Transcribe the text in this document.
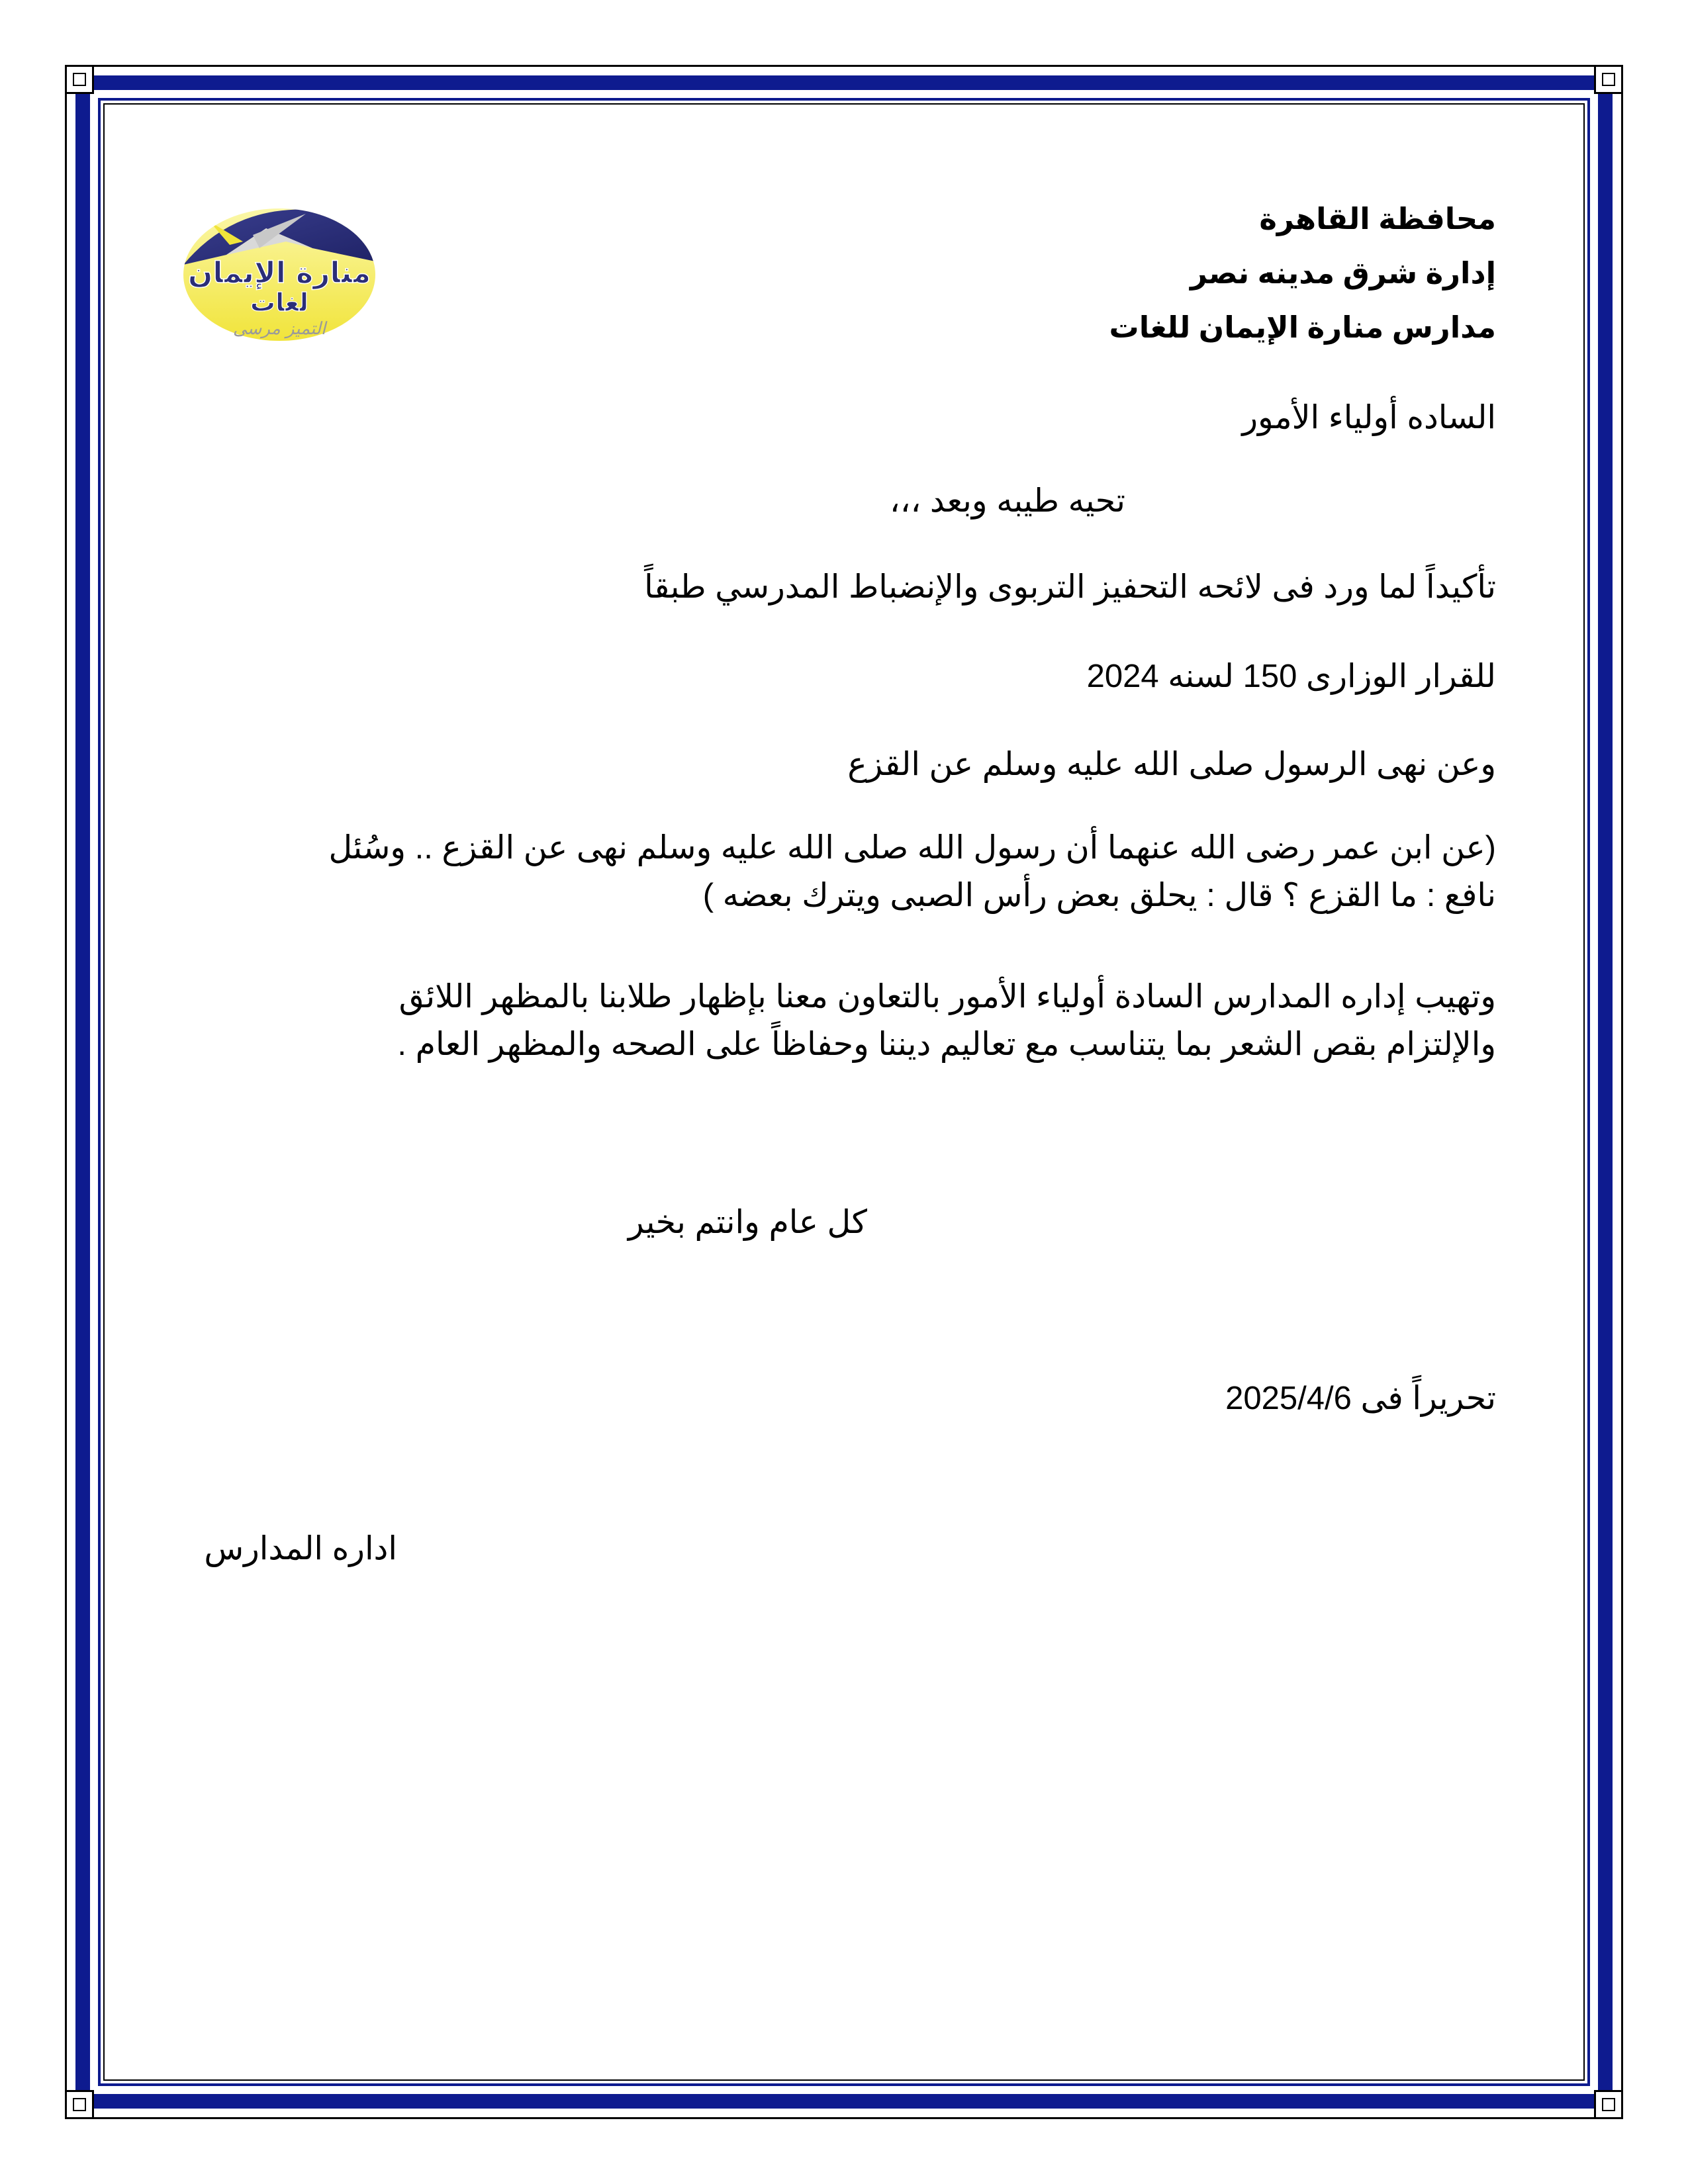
منارة الإيمان
لغات
التميز مرسى
محافظة القاهرة
إدارة شرق مدينه نصر
مدارس منارة الإيمان للغات
الساده أولياء الأمور
تحيه طيبه وبعد ،،،
تأكيداً لما ورد فى لائحه التحفيز التربوى والإنضباط المدرسي طبقاً
للقرار الوزارى 150 لسنه 2024
وعن نهى الرسول صلى الله عليه وسلم عن القزع
(عن ابن عمر رضى الله عنهما أن رسول الله صلى الله عليه وسلم نهى عن القزع .. وسُئل
نافع : ما القزع ؟ قال : يحلق بعض رأس الصبى ويترك بعضه )
وتهيب إداره المدارس السادة أولياء الأمور بالتعاون معنا بإظهار طلابنا بالمظهر اللائق
والإلتزام بقص الشعر بما يتناسب مع تعاليم ديننا وحفاظاً على الصحه والمظهر العام .
كل عام وانتم بخير
تحريراً فى 2025/4/6
اداره المدارس
